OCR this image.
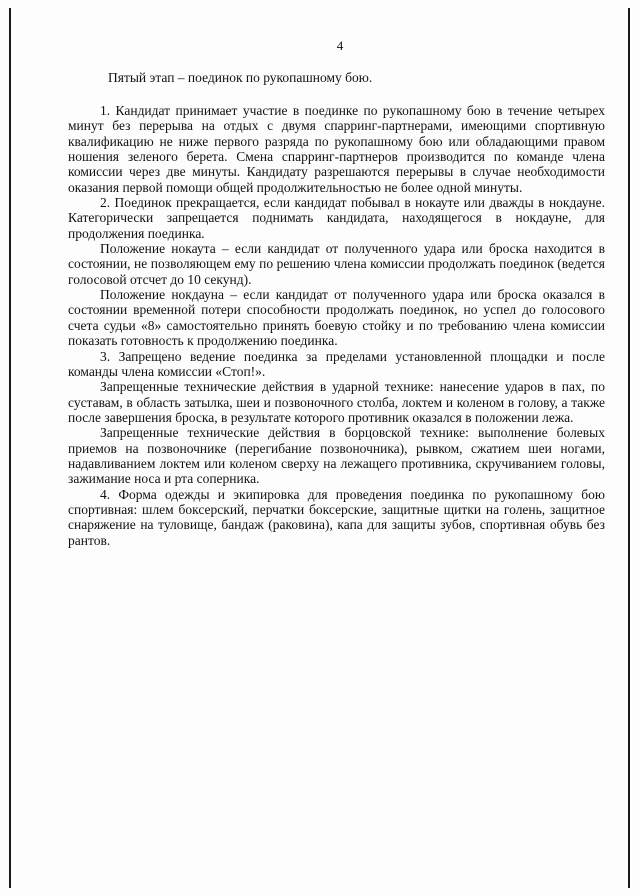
4
Пятый этап – поединок по рукопашному бою.

1. Кандидат принимает участие в поединке по рукопашному бою в течение четырех минут без перерыва на отдых с двумя спарринг-партнерами, имеющими спортивную квалификацию не ниже первого разряда по рукопашному бою или обладающими правом ношения зеленого берета. Смена спарринг-партнеров производится по команде члена комиссии через две минуты. Кандидату разрешаются перерывы в случае необходимости оказания первой помощи общей продолжительностью не более одной минуты.

2. Поединок прекращается, если кандидат побывал в нокауте или дважды в нокдауне. Категорически запрещается поднимать кандидата, находящегося в нокдауне, для продолжения поединка.

Положение нокаута – если кандидат от полученного удара или броска находится в состоянии, не позволяющем ему по решению члена комиссии продолжать поединок (ведется голосовой отсчет до 10 секунд).

Положение нокдауна – если кандидат от полученного удара или броска оказался в состоянии временной потери способности продолжать поединок, но успел до голосового счета судьи «8» самостоятельно принять боевую стойку и по требованию члена комиссии показать готовность к продолжению поединка.

3. Запрещено ведение поединка за пределами установленной площадки и после команды члена комиссии «Стоп!».

Запрещенные технические действия в ударной технике: нанесение ударов в пах, по суставам, в область затылка, шеи и позвоночного столба, локтем и коленом в голову, а также после завершения броска, в результате которого противник оказался в положении лежа.

Запрещенные технические действия в борцовской технике: выполнение болевых приемов на позвоночнике (перегибание позвоночника), рывком, сжатием шеи ногами, надавливанием локтем или коленом сверху на лежащего противника, скручиванием головы, зажимание носа и рта соперника.

4. Форма одежды и экипировка для проведения поединка по рукопашному бою спортивная: шлем боксерский, перчатки боксерские, защитные щитки на голень, защитное снаряжение на туловище, бандаж (раковина), капа для защиты зубов, спортивная обувь без рантов.
